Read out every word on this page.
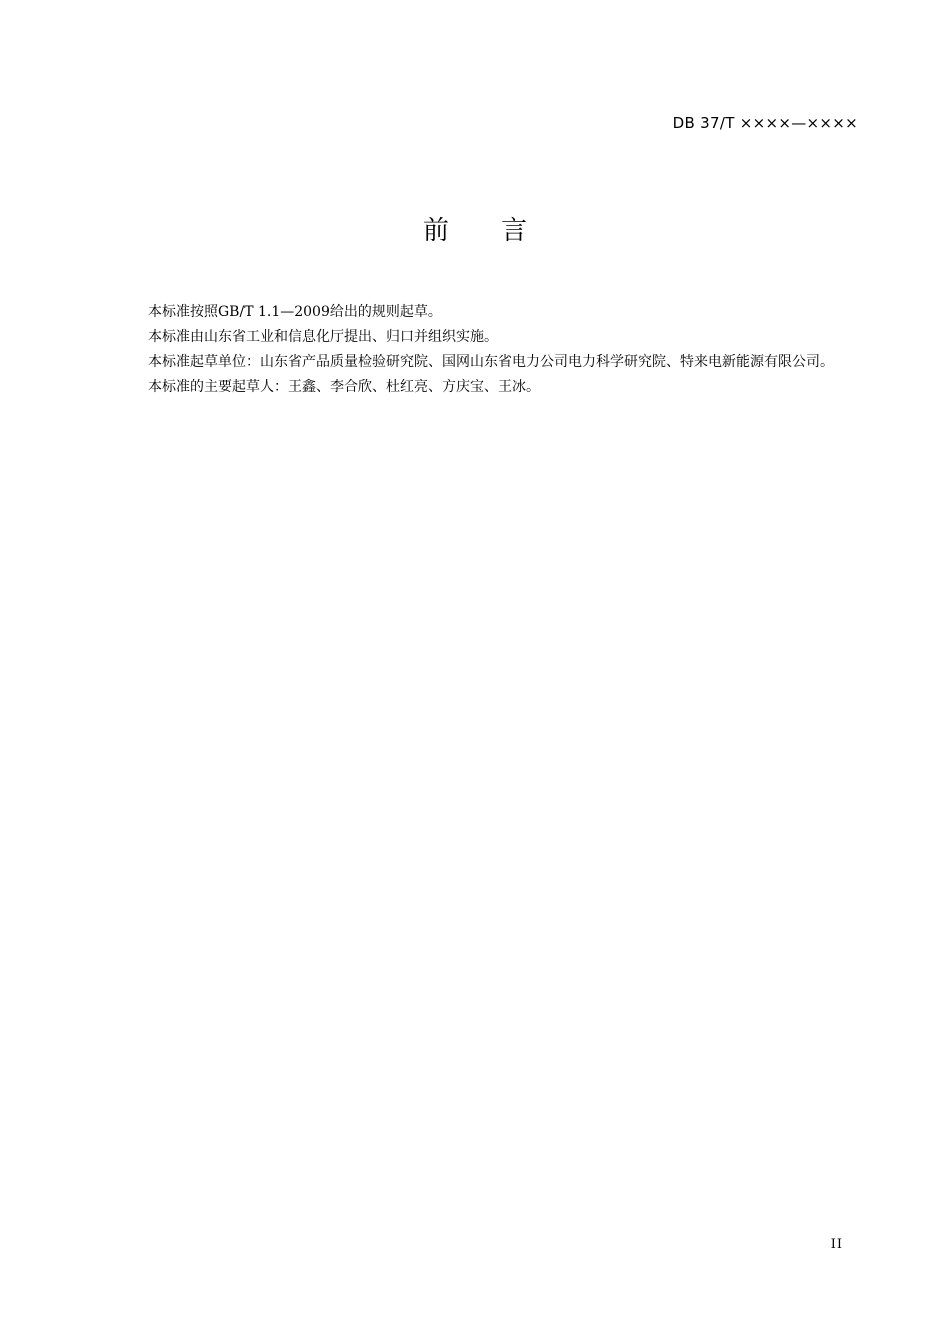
DB 37/T ××××—××××
前 言

本标准按照GB/T 1.1—2009给出的规则起草。

本标准由山东省工业和信息化厅提出、归口并组织实施。

本标准起草单位：山东省产品质量检验研究院、国网山东省电力公司电力科学研究院、特来电新能源有限公司。

本标准的主要起草人：王鑫、李合欣、杜红亮、方庆宝、王冰。

II
